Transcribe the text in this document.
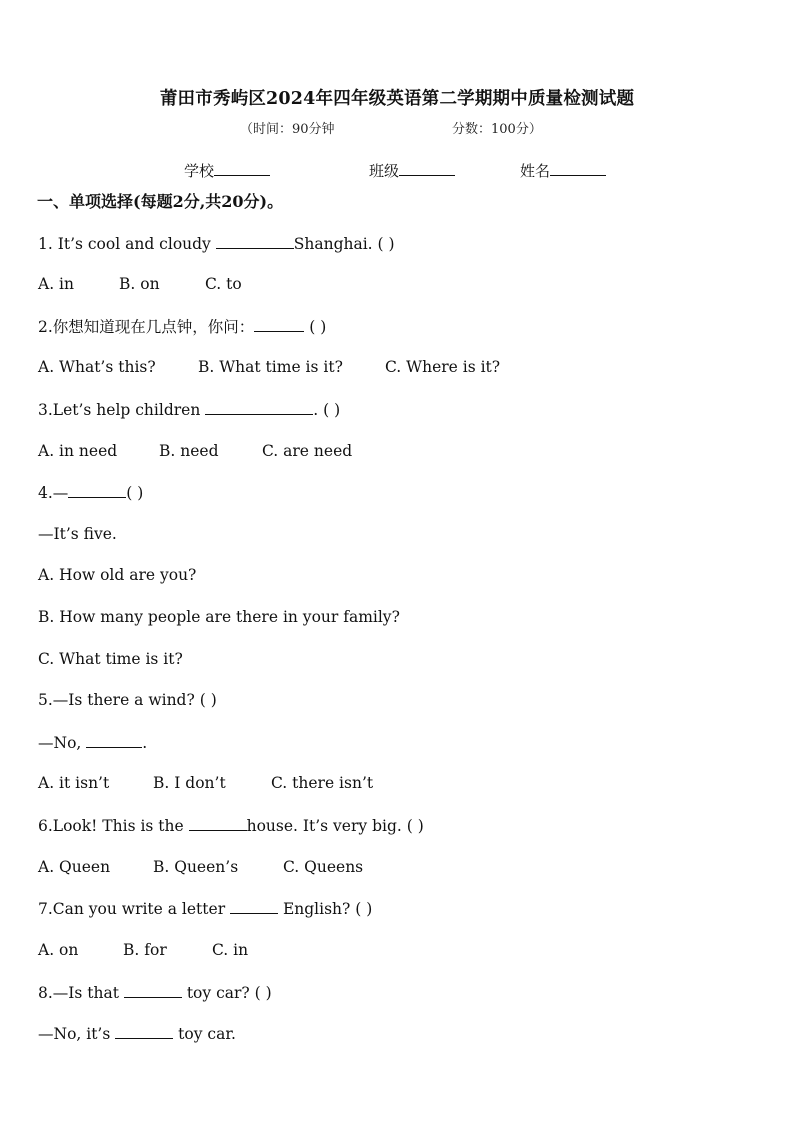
莆田市秀屿区2024年四年级英语第二学期期中质量检测试题
（时间：90分钟	分数：100分）
学校	班级	姓名
一、单项选择(每题2分,共20分)。
1. It’s cool and cloudy	Shanghai. ( )
A. in	B. on	C. to
2.你想知道现在几点钟，你问：	( )
A. What’s this?	B. What time is it?	C. Where is it?
3.Let’s help children	. ( )
A. in need	B. need	C. are need
4.—	( )
—It’s five.
A. How old are you?
B. How many people are there in your family?
C. What time is it?
5.—Is there a wind? ( )
—No,	.
A. it isn’t	B. I don’t	C. there isn’t
6.Look! This is the	house. It’s very big. ( )
A. Queen	B. Queen’s	C. Queens
7.Can you write a letter	English? ( )
A. on	B. for	C. in
8.—Is that	toy car? ( )
—No, it’s	toy car.
